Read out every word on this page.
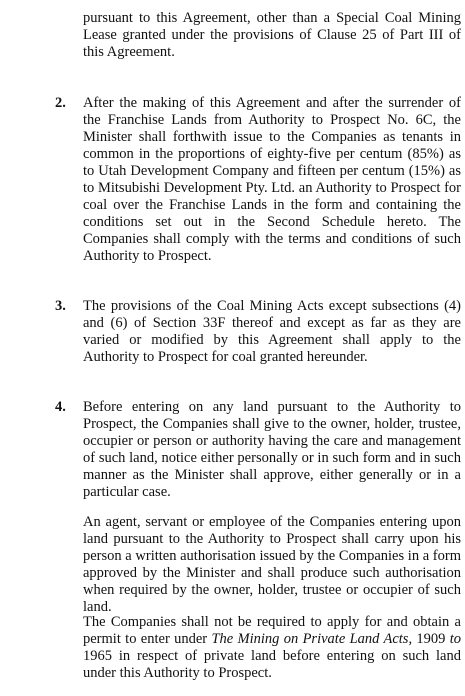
pursuant to this Agreement, other than a Special Coal Mining Lease granted under the provisions of Clause 25 of Part III of this Agreement.

2. After the making of this Agreement and after the surrender of the Franchise Lands from Authority to Prospect No. 6C, the Minister shall forthwith issue to the Companies as tenants in common in the proportions of eighty-five per centum (85%) as to Utah Development Company and fifteen per centum (15%) as to Mitsubishi Development Pty. Ltd. an Authority to Prospect for coal over the Franchise Lands in the form and containing the conditions set out in the Second Schedule hereto. The Companies shall comply with the terms and conditions of such Authority to Prospect.

3. The provisions of the Coal Mining Acts except subsections (4) and (6) of Section 33F thereof and except as far as they are varied or modified by this Agreement shall apply to the Authority to Prospect for coal granted hereunder.

4. Before entering on any land pursuant to the Authority to Prospect, the Companies shall give to the owner, holder, trustee, occupier or person or authority having the care and management of such land, notice either personally or in such form and in such manner as the Minister shall approve, either generally or in a particular case.

An agent, servant or employee of the Companies entering upon land pursuant to the Authority to Prospect shall carry upon his person a written authorisation issued by the Companies in a form approved by the Minister and shall produce such authorisation when required by the owner, holder, trustee or occupier of such land.

The Companies shall not be required to apply for and obtain a permit to enter under The Mining on Private Land Acts, 1909 to 1965 in respect of private land before entering on such land under this Authority to Prospect.
